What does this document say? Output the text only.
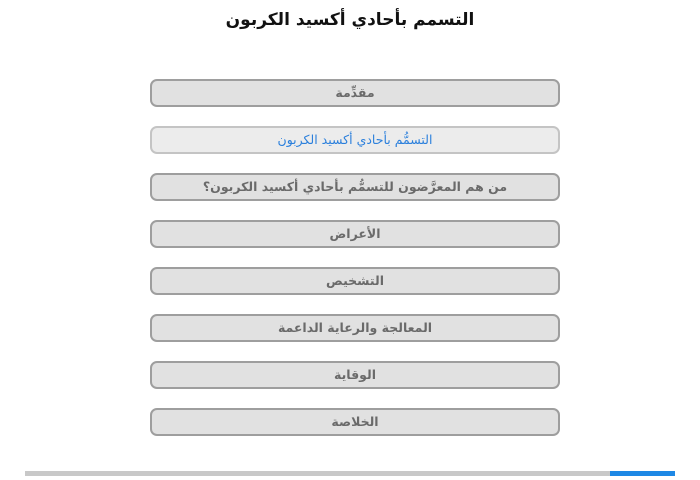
التسمم بأحادي أكسيد الكربون
مقدِّمة
التسمُّم بأحادي أكسيد الكربون
من هم المعرَّضون للتسمُّم بأحادي أكسيد الكربون؟
الأعراض
التشخيص
المعالجة والرعاية الداعمة
الوقاية
الخلاصة
